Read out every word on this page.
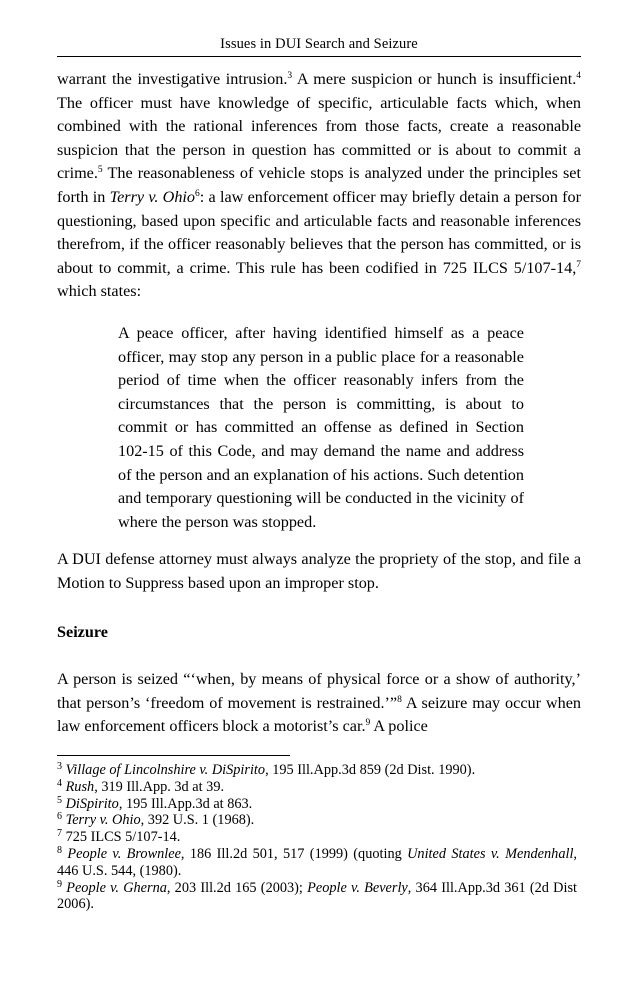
Issues in DUI Search and Seizure

warrant the investigative intrusion.$^3$ A mere suspicion or hunch is insufficient.$^4$ The officer must have knowledge of specific, articulable facts which, when combined with the rational inferences from those facts, create a reasonable suspicion that the person in question has committed or is about to commit a crime.$^5$ The reasonableness of vehicle stops is analyzed under the principles set forth in Terry v. Ohio$^6$: a law enforcement officer may briefly detain a person for questioning, based upon specific and articulable facts and reasonable inferences therefrom, if the officer reasonably believes that the person has committed, or is about to commit, a crime. This rule has been codified in 725 ILCS 5/107-14,$^7$ which states:

A peace officer, after having identified himself as a peace officer, may stop any person in a public place for a reasonable period of time when the officer reasonably infers from the circumstances that the person is committing, is about to commit or has committed an offense as defined in Section 102-15 of this Code, and may demand the name and address of the person and an explanation of his actions. Such detention and temporary questioning will be conducted in the vicinity of where the person was stopped.

A DUI defense attorney must always analyze the propriety of the stop, and file a Motion to Suppress based upon an improper stop.

Seizure

A person is seized “‘when, by means of physical force or a show of authority,’ that person’s ‘freedom of movement is restrained.’”$^8$ A seizure may occur when law enforcement officers block a motorist’s car.$^9$ A police

$^3$ Village of Lincolnshire v. DiSpirito, 195 Ill.App.3d 859 (2d Dist. 1990).

$^4$ Rush, 319 Ill.App. 3d at 39.

$^5$ DiSpirito, 195 Ill.App.3d at 863.

$^6$ Terry v. Ohio, 392 U.S. 1 (1968).

$^7$ 725 ILCS 5/107-14.

$^8$ People v. Brownlee, 186 Ill.2d 501, 517 (1999) (quoting United States v. Mendenhall, 446 U.S. 544, (1980).

$^9$ People v. Gherna, 203 Ill.2d 165 (2003); People v. Beverly, 364 Ill.App.3d 361 (2d Dist 2006).
